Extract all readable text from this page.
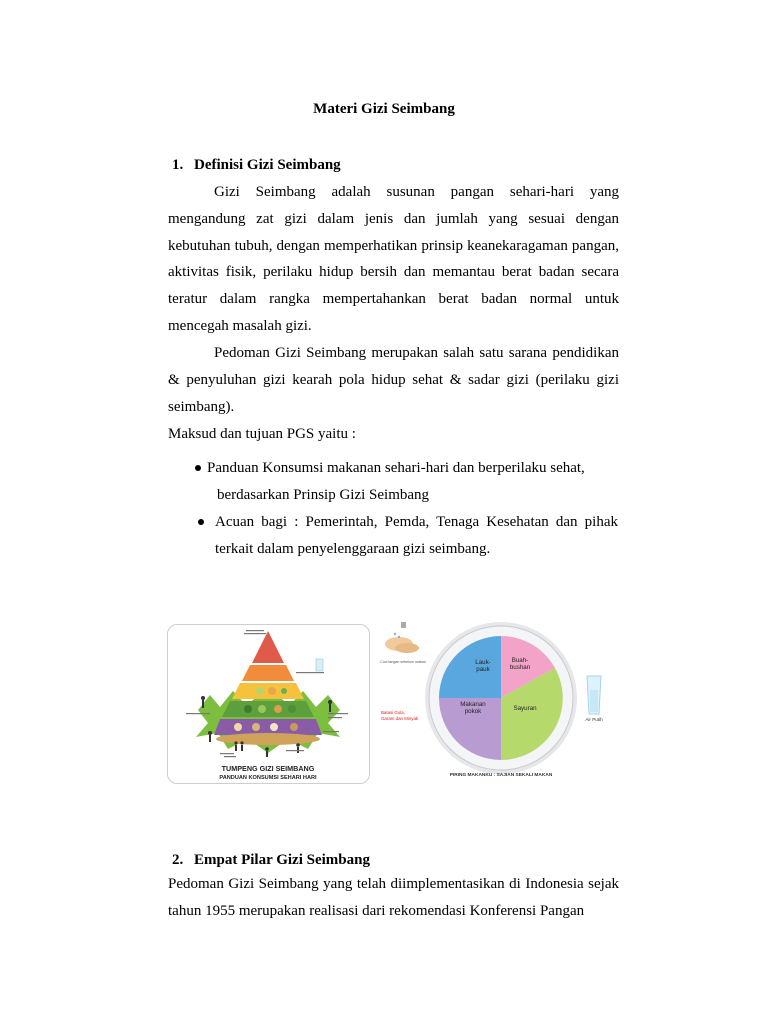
Materi Gizi Seimbang
1. Definisi Gizi Seimbang

Gizi Seimbang adalah susunan pangan sehari-hari yang mengandung zat gizi dalam jenis dan jumlah yang sesuai dengan kebutuhan tubuh, dengan memperhatikan prinsip keanekaragaman pangan, aktivitas fisik, perilaku hidup bersih dan memantau berat badan secara teratur dalam rangka mempertahankan berat badan normal untuk mencegah masalah gizi.

Pedoman Gizi Seimbang merupakan salah satu sarana pendidikan & penyuluhan gizi kearah pola hidup sehat & sadar gizi (perilaku gizi seimbang).

Maksud dan tujuan PGS yaitu :
Panduan Konsumsi makanan sehari-hari dan berperilaku sehat,
berdasarkan Prinsip Gizi Seimbang
Acuan bagi : Pemerintah, Pemda, Tenaga Kesehatan dan pihak
terkait dalam penyelenggaraan gizi seimbang.
TUMPENG GIZI SEIMBANG
PANDUAN KONSUMSI SEHARI HARI
Cuci tangan sebelum makan
Batasi Gula, Garam dan Minyak
Lauk-pauk
Buah-bushan
Sayuran
Makanan pokok
Air Putih
PIRING MAKANKU : SAJIAN SEKALI MAKAN
2. Empat Pilar Gizi Seimbang

Pedoman Gizi Seimbang yang telah diimplementasikan di Indonesia sejak tahun 1955 merupakan realisasi dari rekomendasi Konferensi Pangan
